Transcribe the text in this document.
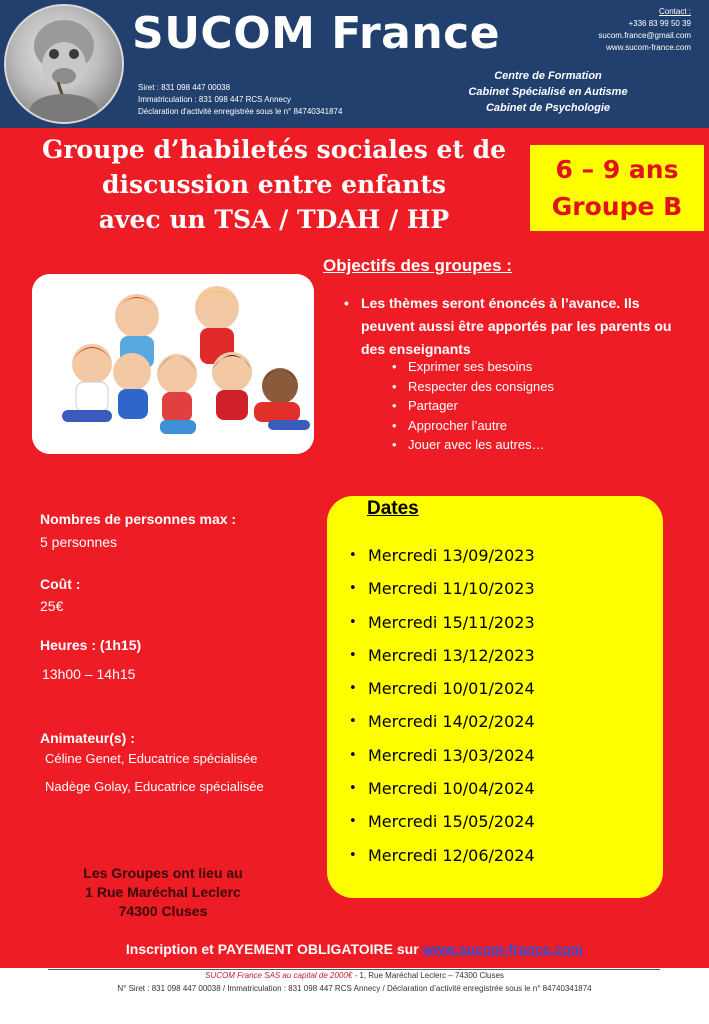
SUCOM France
Siret : 831 098 447 00038
Immatriculation : 831 098 447 RCS Annecy
Déclaration d'activité enregistrée sous le n° 84740341874
Contact :
+336 83 99 50 39
sucom.france@gmail.com
www.sucom-france.com
Centre de Formation
Cabinet Spécialisé en Autisme
Cabinet de Psychologie
Groupe d’habiletés sociales et de
discussion entre enfants
avec un TSA / TDAH / HP
6 – 9 ans
Groupe B
Objectifs des groupes :
• Les thèmes seront énoncés à l’avance. Ils peuvent aussi être apportés par les parents ou des enseignants
• Exprimer ses besoins
• Respecter des consignes
• Partager
• Approcher l’autre
• Jouer avec les autres…
Nombres de personnes max :
5 personnes
Coût :
25€
Heures : (1h15)
13h00 – 14h15
Animateur(s) :
Céline Genet, Educatrice spécialisée
Nadège Golay, Educatrice spécialisée
Dates
• Mercredi 13/09/2023
• Mercredi 11/10/2023
• Mercredi 15/11/2023
• Mercredi 13/12/2023
• Mercredi 10/01/2024
• Mercredi 14/02/2024
• Mercredi 13/03/2024
• Mercredi 10/04/2024
• Mercredi 15/05/2024
• Mercredi 12/06/2024
Les Groupes ont lieu au
1 Rue Maréchal Leclerc
74300 Cluses
Inscription et PAYEMENT OBLIGATOIRE sur www.sucom-france.com
SUCOM France SAS au capital de 2000€ - 1, Rue Maréchal Leclerc – 74300 Cluses
N° Siret : 831 098 447 00038 / Immatriculation : 831 098 447 RCS Annecy / Déclaration d’activité enregistrée sous le n° 84740341874
